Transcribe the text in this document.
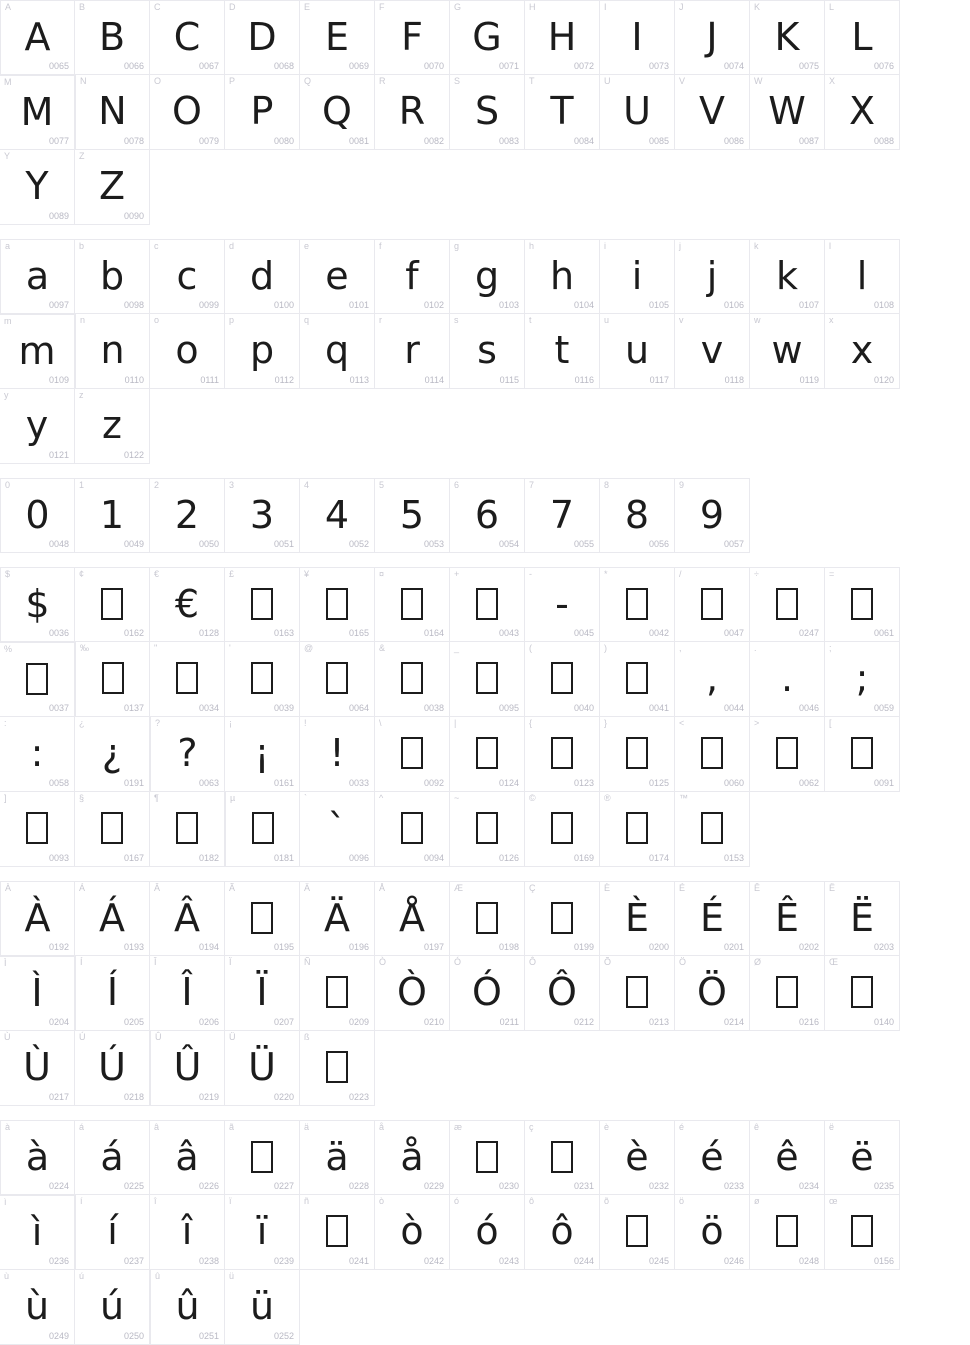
A
A
0065
B
B
0066
C
C
0067
D
D
0068
E
E
0069
F
F
0070
G
G
0071
H
H
0072
I
I
0073
J
J
0074
K
K
0075
L
L
0076
M
M
0077
N
N
0078
O
O
0079
P
P
0080
Q
Q
0081
R
R
0082
S
S
0083
T
T
0084
U
U
0085
V
V
0086
W
W
0087
X
X
0088
Y
Y
0089
Z
Z
0090
a
a
0097
b
b
0098
c
c
0099
d
d
0100
e
e
0101
f
f
0102
g
g
0103
h
h
0104
i
i
0105
j
j
0106
k
k
0107
l
l
0108
m
m
0109
n
n
0110
o
o
0111
p
p
0112
q
q
0113
r
r
0114
s
s
0115
t
t
0116
u
u
0117
v
v
0118
w
w
0119
x
x
0120
y
y
0121
z
z
0122
0
0
0048
1
1
0049
2
2
0050
3
3
0051
4
4
0052
5
5
0053
6
6
0054
7
7
0055
8
8
0056
9
9
0057
$
$
0036
¢
0162
€
€
0128
£
0163
¥
0165
¤
0164
+
0043
-
-
0045
*
0042
/
0047
÷
0247
=
0061
%
0037
‰
0137
"
0034
'
0039
@
0064
&
0038
_
0095
(
0040
)
0041
,
,
0044
.
.
0046
;
;
0059
:
:
0058
¿
¿
0191
?
?
0063
¡
¡
0161
!
!
0033
\
0092
|
0124
{
0123
}
0125
<
0060
>
0062
[
0091
]
0093
§
0167
¶
0182
µ
0181
`
`
0096
^
0094
~
0126
©
0169
®
0174
™
0153
À
À
0192
Á
Á
0193
Â
Â
0194
Ã
0195
Ä
Ä
0196
Å
Å
0197
Æ
0198
Ç
0199
È
È
0200
É
É
0201
Ê
Ê
0202
Ë
Ë
0203
Ì
Ì
0204
Í
Í
0205
Î
Î
0206
Ï
Ï
0207
Ñ
0209
Ò
Ò
0210
Ó
Ó
0211
Ô
Ô
0212
Õ
0213
Ö
Ö
0214
Ø
0216
Œ
0140
Ù
Ù
0217
Ú
Ú
0218
Û
Û
0219
Ü
Ü
0220
ß
0223
à
à
0224
á
á
0225
â
â
0226
ã
0227
ä
ä
0228
å
å
0229
æ
0230
ç
0231
è
è
0232
é
é
0233
ê
ê
0234
ë
ë
0235
ì
ì
0236
í
í
0237
î
î
0238
ï
ï
0239
ñ
0241
ò
ò
0242
ó
ó
0243
ô
ô
0244
õ
0245
ö
ö
0246
ø
0248
œ
0156
ù
ù
0249
ú
ú
0250
û
û
0251
ü
ü
0252
